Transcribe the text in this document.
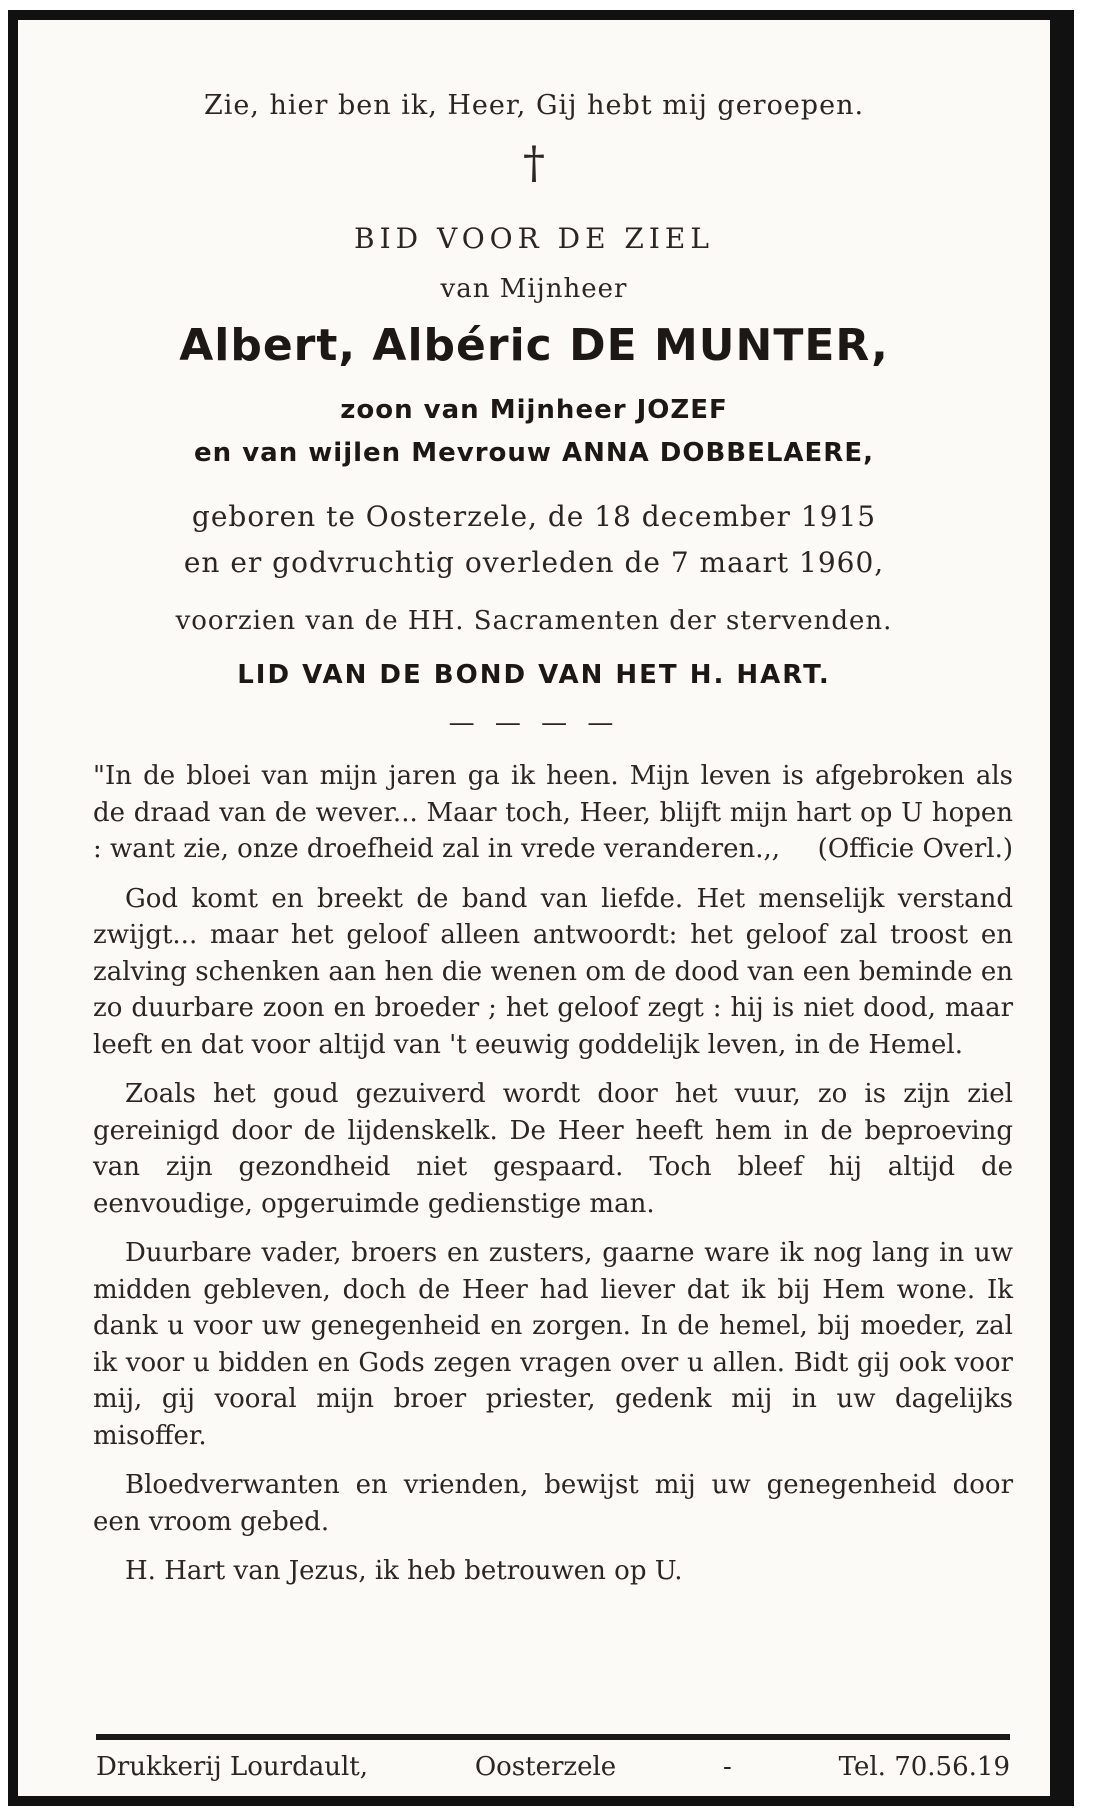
Zie, hier ben ik, Heer, Gij hebt mij geroepen.
†
BID VOOR DE ZIEL
van Mijnheer
Albert, Albéric DE MUNTER,
zoon van Mijnheer JOZEF
en van wijlen Mevrouw ANNA DOBBELAERE,
geboren te Oosterzele, de 18 december 1915
en er godvruchtig overleden de 7 maart 1960,
voorzien van de HH. Sacramenten der stervenden.
LID VAN DE BOND VAN HET H. HART.
— — — —

"In de bloei van mijn jaren ga ik heen. Mijn leven is afgebroken als de draad van de wever... Maar toch, Heer, blijft mijn hart op U hopen : want zie, onze droefheid zal in vrede veranderen.,, (Officie Overl.)

God komt en breekt de band van liefde. Het menselijk verstand zwijgt... maar het geloof alleen antwoordt: het geloof zal troost en zalving schenken aan hen die wenen om de dood van een beminde en zo duurbare zoon en broeder ; het geloof zegt : hij is niet dood, maar leeft en dat voor altijd van 't eeuwig goddelijk leven, in de Hemel.

Zoals het goud gezuiverd wordt door het vuur, zo is zijn ziel gereinigd door de lijdenskelk. De Heer heeft hem in de beproeving van zijn gezondheid niet gespaard. Toch bleef hij altijd de eenvoudige, opgeruimde gedienstige man.

Duurbare vader, broers en zusters, gaarne ware ik nog lang in uw midden gebleven, doch de Heer had liever dat ik bij Hem wone. Ik dank u voor uw genegenheid en zorgen. In de hemel, bij moeder, zal ik voor u bidden en Gods zegen vragen over u allen. Bidt gij ook voor mij, gij vooral mijn broer priester, gedenk mij in uw dagelijks misoffer.

Bloedverwanten en vrienden, bewijst mij uw genegenheid door een vroom gebed.

H. Hart van Jezus, ik heb betrouwen op U.

Drukkerij Lourdault,	Oosterzele	-	Tel. 70.56.19
